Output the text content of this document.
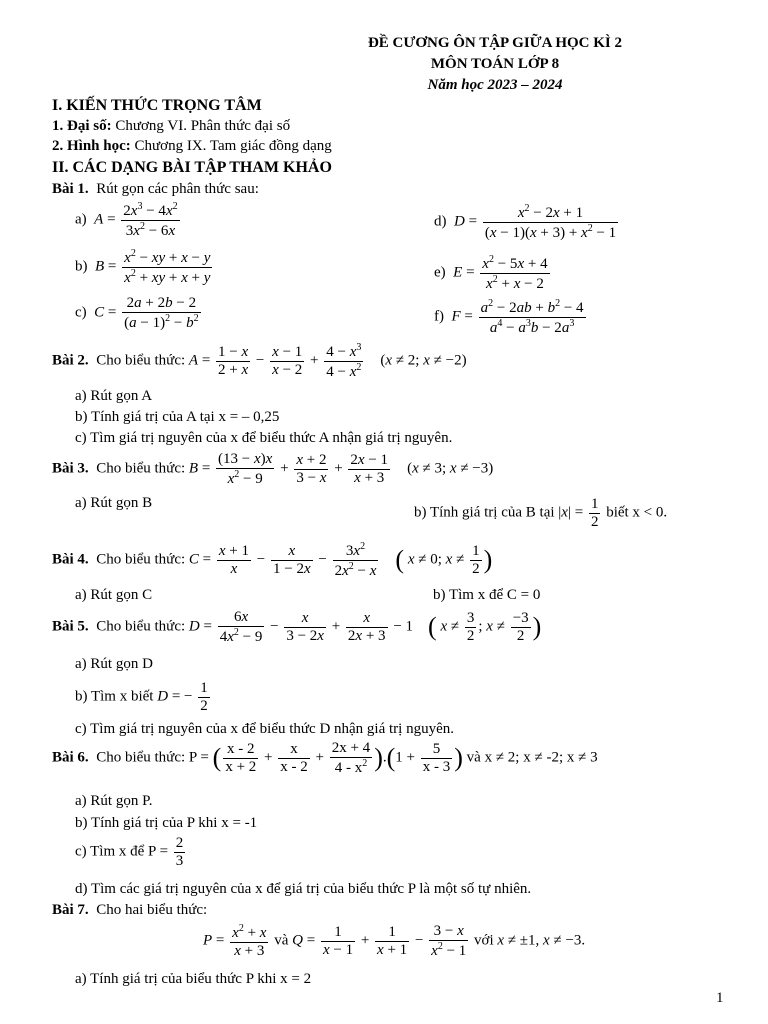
ĐỀ CƯƠNG ÔN TẬP GIỮA HỌC KÌ 2
MÔN TOÁN LỚP 8
Năm học 2023 – 2024
I. KIẾN THỨC TRỌNG TÂM
1. Đại số: Chương VI. Phân thức đại số
2. Hình học: Chương IX. Tam giác đồng dạng
II. CÁC DẠNG BÀI TẬP THAM KHẢO
Bài 1. Rút gọn các phân thức sau:
a) $A = \frac{2x^3 - 4x^2}{3x^2 - 6x}$
b) $B = \frac{x^2 - xy + x - y}{x^2 + xy + x + y}$
c) $C = \frac{2a + 2b - 2}{(a - 1)^2 - b^2}$
d) $D = \frac{x^2 - 2x + 1}{(x - 1)(x + 3) + x^2 - 1}$
e) $E = \frac{x^2 - 5x + 4}{x^2 + x - 2}$
f) $F = \frac{a^2 - 2ab + b^2 - 4}{a^4 - a^3b - 2a^3}$
Bài 2. Cho biểu thức: $A = \frac{1 - x}{2 + x} - \frac{x - 1}{x - 2} + \frac{4 - x^3}{4 - x^2} (x \ne 2$; x ≠ −2)
a) Rút gọn A
b) Tính giá trị của A tại x = – 0,25
c) Tìm giá trị nguyên của x để biểu thức A nhận giá trị nguyên.
Bài 3. Cho biểu thức: $B = \frac{(13 - x)x}{x^2 - 9} + \frac{x + 2}{3 - x} + \frac{2x - 1}{x + 3} (x \ne 3$; x ≠ −3)
a) Rút gọn B
b) Tính giá trị của B tại $|x| = \frac{1}{2}$ biết x < 0.
Bài 4. Cho biểu thức: $C = \frac{x + 1}{x} - \frac{x}{1 - 2x} - \frac{3x^2}{2x^2 - x}$ ( x ≠ 0; $x \ne \frac{1}{2}$ )
a) Rút gọn C	b) Tìm x để C = 0
Bài 5. Cho biểu thức: $D = \frac{6x}{4x^2 - 9} - \frac{x}{3 - 2x} + \frac{x}{2x + 3} - 1$    ( $x \ne \frac{3}{2}$ ; $x \ne \frac{-3}{2}$ )
a) Rút gọn D
b) Tìm x biết D = − $\frac{1}{2}$
c) Tìm giá trị nguyên của x để biểu thức D nhận giá trị nguyên.
Bài 6. Cho biểu thức: P = ( $\frac{x - 2}{x + 2} + \frac{x}{x - 2} + \frac{2x + 4}{4 - x^2} ).(1 + \frac{5}{x - 3}$ ) và x ≠ 2; x ≠ -2; x ≠ 3
a) Rút gọn P.
b) Tính giá trị của P khi x = -1
c) Tìm x để $P = \frac{2}{3}$
d) Tìm các giá trị nguyên của x để giá trị của biểu thức P là một số tự nhiên.
Bài 7. Cho hai biểu thức:
$P = \frac{x^2 + x}{x + 3}$ và $Q = \frac{1}{x - 1} + \frac{1}{x + 1} - \frac{3 - x}{x^2 - 1}$ với x ≠ ±1, x ≠ −3.
a) Tính giá trị của biểu thức P khi x = 2
1
